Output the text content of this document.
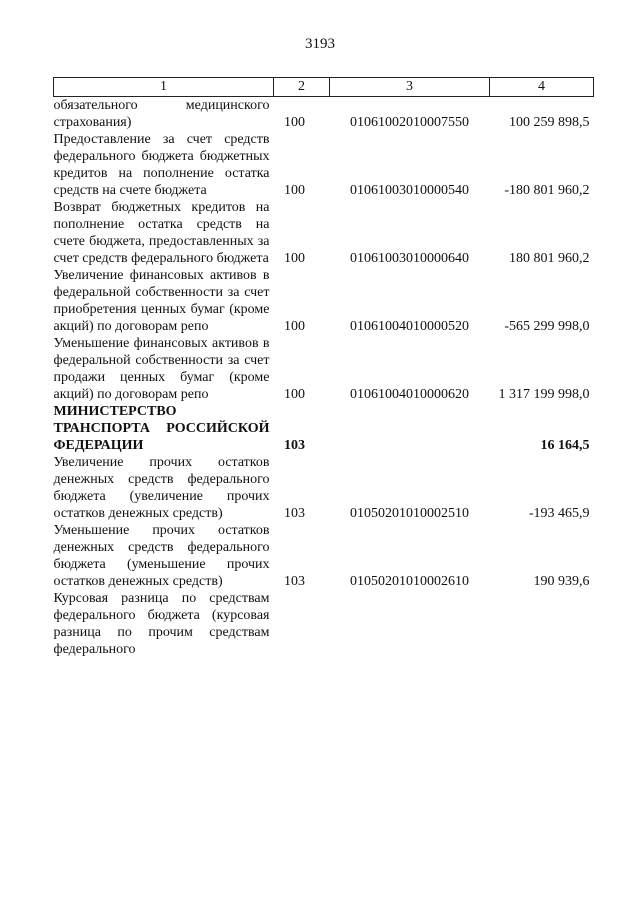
3193
1	2	3	4
обязательного медицинского страхования)	100	01061002010007550	100 259 898,5
Предоставление за счет средств федерального бюджета бюджетных кредитов на пополнение остатка средств на счете бюджета	100	01061003010000540	-180 801 960,2
Возврат бюджетных кредитов на пополнение остатка средств на счете бюджета, предоставленных за счет средств федерального бюджета	100	01061003010000640	180 801 960,2
Увеличение финансовых активов в федеральной собственности за счет приобретения ценных бумаг (кроме акций) по договорам репо	100	01061004010000520	-565 299 998,0
Уменьшение финансовых активов в федеральной собственности за счет продажи ценных бумаг (кроме акций) по договорам репо	100	01061004010000620	1 317 199 998,0
МИНИСТЕРСТВО ТРАНСПОРТА РОССИЙСКОЙ ФЕДЕРАЦИИ	103		16 164,5
Увеличение прочих остатков денежных средств федерального бюджета (увеличение прочих остатков денежных средств)	103	01050201010002510	-193 465,9
Уменьшение прочих остатков денежных средств федерального бюджета (уменьшение прочих остатков денежных средств)	103	01050201010002610	190 939,6
Курсовая разница по средствам федерального бюджета (курсовая разница по прочим средствам федерального			
